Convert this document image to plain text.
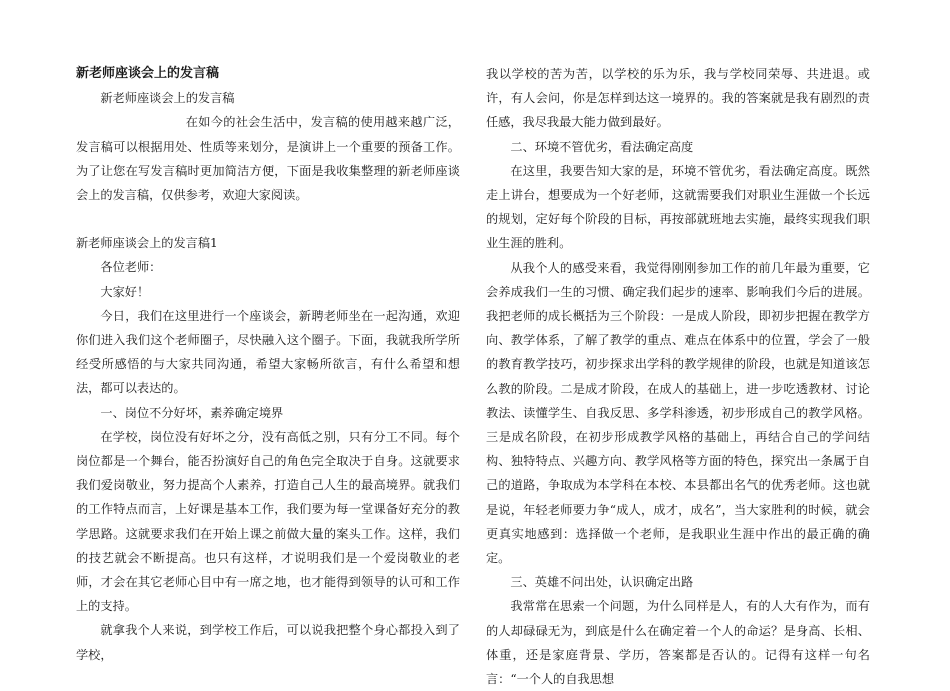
新老师座谈会上的发言稿

新老师座谈会上的发言稿

在如今的社会生活中，发言稿的使用越来越广泛，发言稿可以根据用处、性质等来划分，是演讲上一个重要的预备工作。为了让您在写发言稿时更加简洁方便，下面是我收集整理的新老师座谈会上的发言稿，仅供参考，欢迎大家阅读。

新老师座谈会上的发言稿1

各位老师：

大家好！

今日，我们在这里进行一个座谈会，新聘老师坐在一起沟通，欢迎你们进入我们这个老师圈子，尽快融入这个圈子。下面，我就我所学所经受所感悟的与大家共同沟通，希望大家畅所欲言，有什么希望和想法，都可以表达的。

一、岗位不分好坏，素养确定境界

在学校，岗位没有好坏之分，没有高低之别，只有分工不同。每个岗位都是一个舞台，能否扮演好自己的角色完全取决于自身。这就要求我们爱岗敬业，努力提高个人素养，打造自己人生的最高境界。就我们的工作特点而言，上好课是基本工作，我们要为每一堂课备好充分的教学思路。这就要求我们在开始上课之前做大量的案头工作。这样，我们的技艺就会不断提高。也只有这样，才说明我们是一个爱岗敬业的老师，才会在其它老师心目中有一席之地，也才能得到领导的认可和工作上的支持。

就拿我个人来说，到学校工作后，可以说我把整个身心都投入到了学校，

我以学校的苦为苦，以学校的乐为乐，我与学校同荣辱、共进退。或许，有人会问，你是怎样到达这一境界的。我的答案就是我有剧烈的责任感，我尽我最大能力做到最好。

二、环境不管优劣，看法确定高度

在这里，我要告知大家的是，环境不管优劣，看法确定高度。既然走上讲台，想要成为一个好老师，这就需要我们对职业生涯做一个长远的规划，定好每个阶段的目标，再按部就班地去实施，最终实现我们职业生涯的胜利。

从我个人的感受来看，我觉得刚刚参加工作的前几年最为重要，它会养成我们一生的习惯、确定我们起步的速率、影响我们今后的进展。我把老师的成长概括为三个阶段：一是成人阶段，即初步把握在教学方向、教学体系，了解了教学的重点、难点在体系中的位置，学会了一般的教育教学技巧，初步探求出学科的教学规律的阶段，也就是知道该怎么教的阶段。二是成才阶段，在成人的基础上，进一步吃透教材、讨论教法、读懂学生、自我反思、多学科渗透，初步形成自己的教学风格。三是成名阶段，在初步形成教学风格的基础上，再结合自己的学问结构、独特特点、兴趣方向、教学风格等方面的特色，探究出一条属于自己的道路，争取成为本学科在本校、本县都出名气的优秀老师。这也就是说，年轻老师要力争“成人，成才，成名”，当大家胜利的时候，就会更真实地感到：选择做一个老师，是我职业生涯中作出的最正确的确定。

三、英雄不问出处，认识确定出路

我常常在思索一个问题，为什么同样是人，有的人大有作为，而有的人却碌碌无为，到底是什么在确定着一个人的命运？是身高、长相、体重，还是家庭背景、学历，答案都是否认的。记得有这样一句名言：“一个人的自我思想
